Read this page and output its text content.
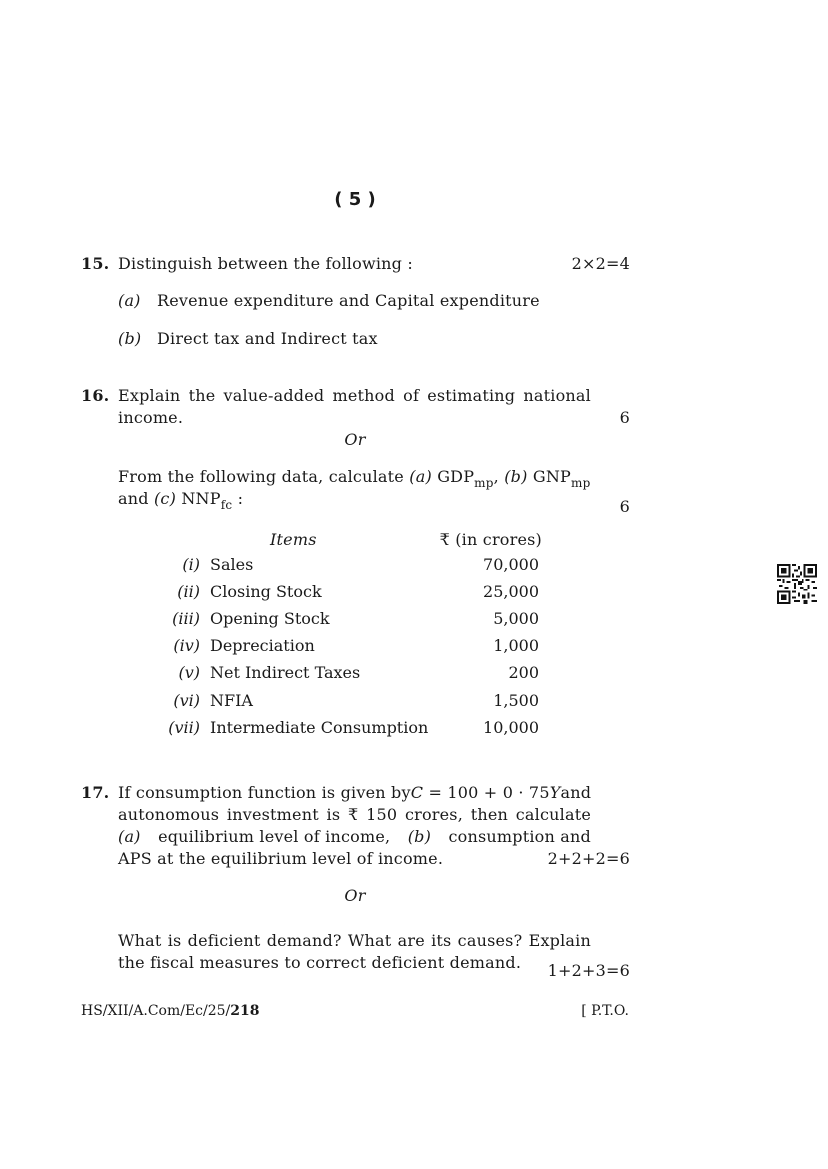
( 5 )
15. Distinguish between the following :	2×2=4
(a) Revenue expenditure and Capital expenditure
(b) Direct tax and Indirect tax
16. Explain the value-added method of estimating national
income.	6
Or
From the following data, calculate (a) $GDP_{mp}$, (b) $GNP_{mp}$
and (c) $NNP_{fc}$ :	6
Items	₹ (in crores)
(i)	Sales	70,000
(ii)	Closing Stock	25,000
(iii)	Opening Stock	5,000
(iv)	Depreciation	1,000
(v)	Net Indirect Taxes	200
(vi)	NFIA	1,500
(vii)	Intermediate Consumption	10,000
17. If consumption function is given by C = 100 + 0 · 75Y and
autonomous investment is ₹ 150 crores, then calculate
(a) equilibrium level of income, (b) consumption and
APS at the equilibrium level of income.	2+2+2=6
Or
What is deficient demand? What are its causes? Explain
the fiscal measures to correct deficient demand.	1+2+3=6
HS/XII/A.Com/Ec/25/218	[ P.T.O.
